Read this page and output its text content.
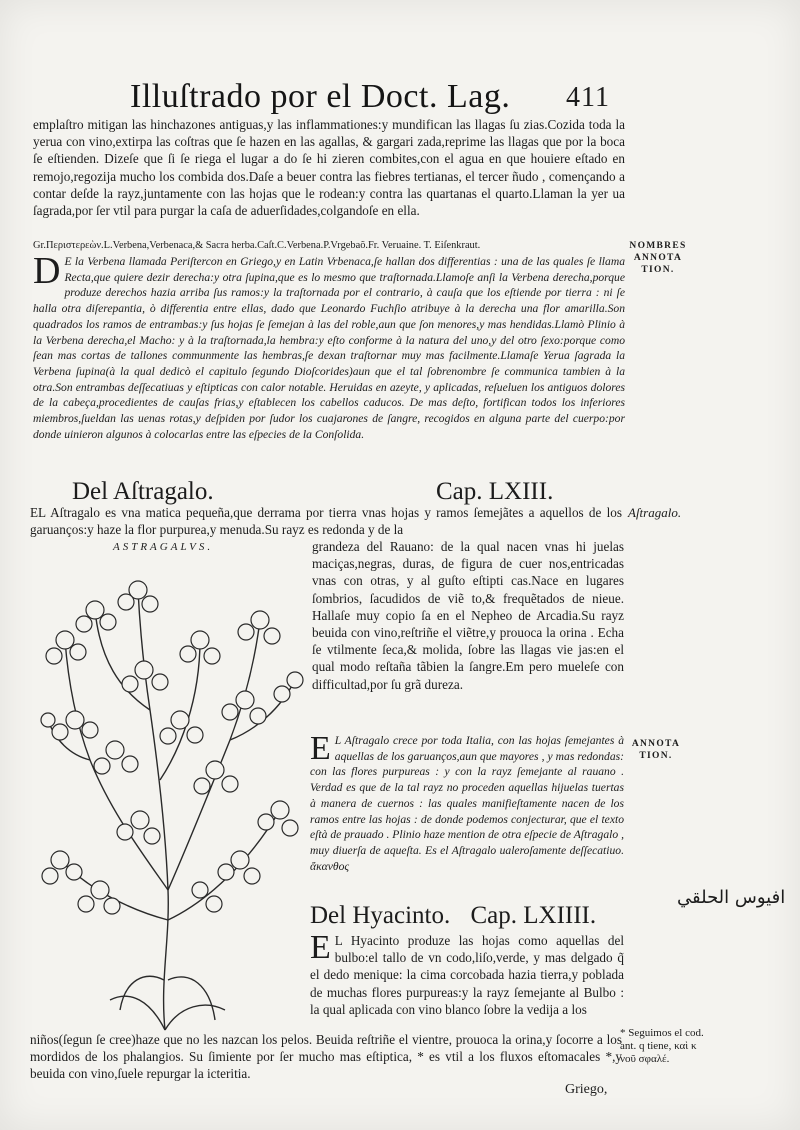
Illuſtrado por el Doct. Lag. 411
emplaſtro mitigan las hinchazones antiguas,y las inflammationes:y mundifican las llagas ſu zias.Cozida toda la yerua con vino,extirpa las coſtras que ſe hazen en las agallas, & gargari zada,reprime las llagas que por la boca ſe eſtienden. Dizeſe que ſi ſe riega el lugar a do ſe hi zieren combites,con el agua en que houiere eſtado en remojo,regozija mucho los combida dos.Daſe a beuer contra las fiebres tertianas, el tercer ñudo , començando a contar deſde la rayz,juntamente con las hojas que le rodean:y contra las quartanas el quarto.Llaman la yer ua ſagrada,por ſer vtil para purgar la caſa de aduerſidades,colgandoſe en ella.
Gr.Περιστερεὼν.L.Verbena,Verbenaca,& Sacra herba.Caſt.C.Verbena.P.Vrgebaõ.Fr. Veruaine. T. Eiſenkraut.
D E la Verbena llamada Periſtercon en Griego,y en Latin Vrbenaca,ſe hallan dos differentias : una de las quales ſe llama Recta,que quiere dezir derecha:y otra ſupina,que es lo mesmo que traſtornada.Llamoſe anſi la Verbena derecha,porque produze derechos hazia arriba ſus ramos:y la traſtornada por el contrario, à cauſa que los eſtiende por tierra : ni ſe halla otra diſerepantia, ò differentia entre ellas, dado que Leonardo Fuchſio atribuye à la derecha una flor amarilla.Son quadrados los ramos de entrambas:y ſus hojas ſe ſemejan à las del roble,aun que ſon menores,y mas hendidas.Llamò Plinio à la Verbena derecha,el Macho: y à la traſtornada,la hembra:y eſto conforme à la natura del uno,y del otro ſexo:porque como ſean mas cortas de tallones communmente las hembras,ſe dexan traſtornar muy mas facilmente.Llamaſe Yerua ſagrada la Verbena ſupina(à la qual dedicò el capitulo ſegundo Dioſcorides)aun que el tal ſobrenombre ſe communica tambien à la otra.Son entrambas deſſecatiuas y eſtipticas con calor notable. Heruidas en azeyte, y aplicadas, reſueluen los antiguos dolores de la cabeça,procedientes de cauſas frias,y eſtablecen los cabellos caducos. De mas deſto, fortifican todos los inferiores miembros,ſueldan las uenas rotas,y deſpiden por ſudor los cuajarones de ſangre, recogidos en alguna parte del cuerpo:por donde uinieron algunos à colocarlas entre las eſpecies de la Conſolida.
NOMBRES ANNOTA TION.
Del Aſtragalo.	Cap. LXIII.
EL Aſtragalo es vna matica pequeña,que derrama por tierra vnas hojas y ramos ſemejãtes a aquellos de los garuanços:y haze la flor purpurea,y menuda.Su rayz es redonda y de la
Aſtragalo.
ASTRAGALVS.	grandeza del Rauano: de la qual nacen vnas hi juelas maciças,negras, duras, de figura de cuer nos,entricadas vnas con otras, y al guſto eſtipti cas.Nace en lugares ſombrios, ſacudidos de viẽ to,& frequẽtados de nieue. Hallaſe muy copio ſa en el Nepheo de Arcadia.Su rayz beuida con vino,reſtriñe el viẽtre,y prouoca la orina . Echa ſe vtilmente ſeca,& molida, ſobre las llagas vie jas:en el qual modo reſtaña tãbien la ſangre.Em pero mueleſe con difficultad,por ſu grã dureza.
E L Aſtragalo crece por toda Italia, con las hojas ſemejantes à aquellas de los garuanços,aun que mayores , y mas redondas: con las flores purpureas : y con la rayz ſemejante al rauano . Verdad es que de la tal rayz no proceden aquellas hijuelas tuertas à manera de cuernos : las quales manifieſtamente nacen de los ramos entre las hojas : de donde podemos conjecturar, que el texto eſtà de prauado . Plinio haze mention de otra eſpecie de Aſtragalo , muy diuerſa de aqueſta. Es el Aſtragalo ualeroſamente deſſecatiuo. ἄκανθος
ANNOTA TION.
افيوس الحلقي
Del Hyacinto. Cap. LXIIII.
E L Hyacinto produze las hojas como aquellas del bulbo:el tallo de vn codo,liſo,verde, y mas delgado q̃ el dedo menique: la cima corcobada hazia tierra,y poblada de muchas flores purpureas:y la rayz ſemejante al Bulbo : la qual aplicada con vino blanco ſobre la vedija a los
niños(ſegun ſe cree)haze que no les nazcan los pelos. Beuida reſtriñe el vientre, prouoca la orina,y ſocorre a los mordidos de los phalangios. Su ſimiente por ſer mucho mas eſtiptica, * es vtil a los fluxos eſtomacales *,y beuida con vino,ſuele repurgar la icteritia.
* Seguimos el cod. ant. q tiene, καὶ κ νοῦ σφαλέ.
Griego,
